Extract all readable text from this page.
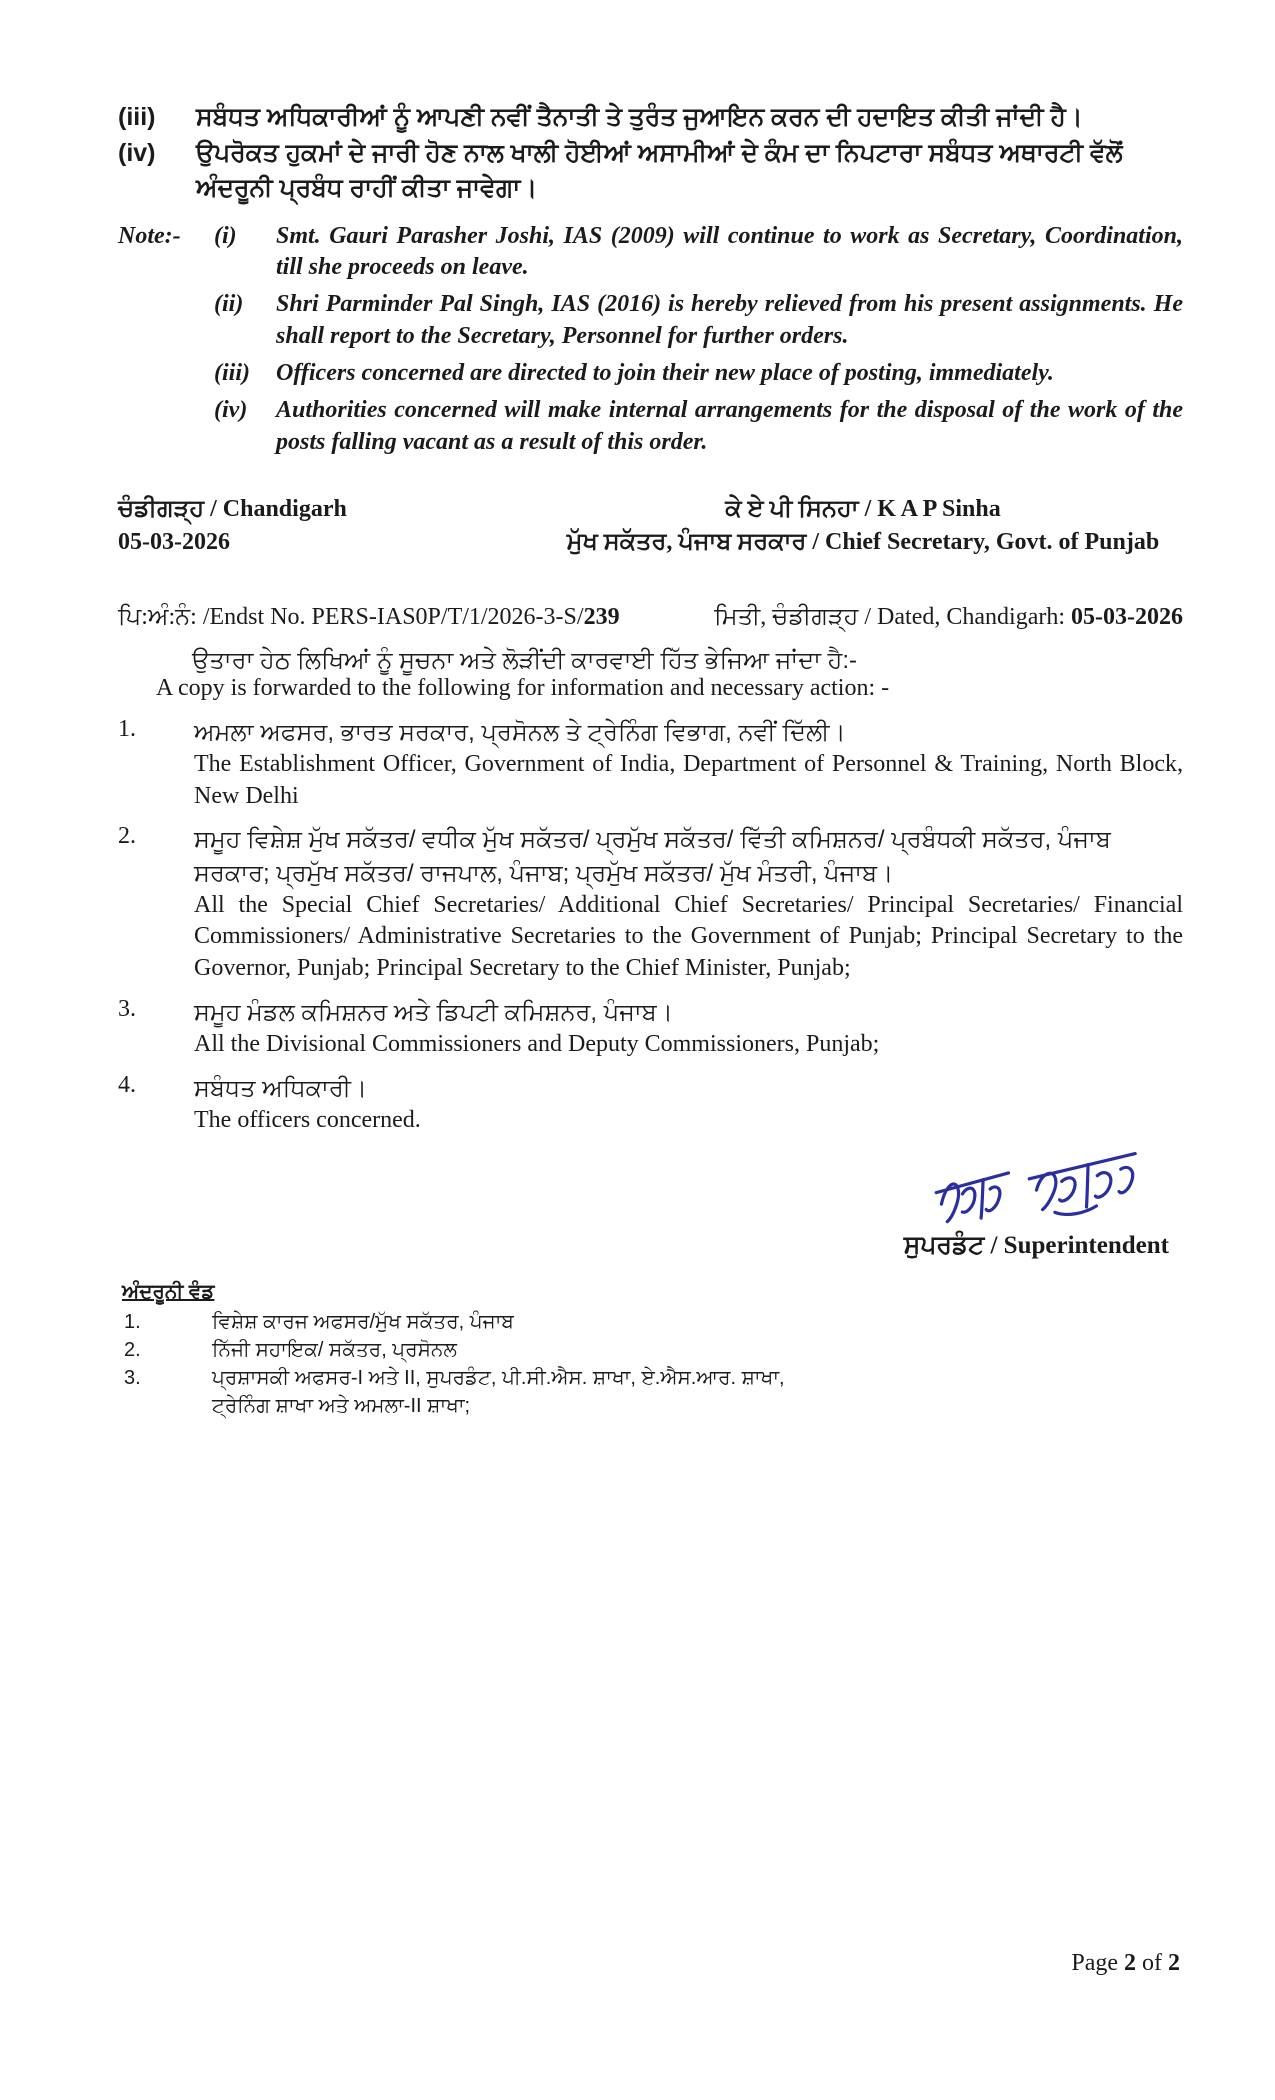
(iii)	ਸਬੰਧਤ ਅਧਿਕਾਰੀਆਂ ਨੂੰ ਆਪਣੀ ਨਵੀਂ ਤੈਨਾਤੀ ਤੇ ਤੁਰੰਤ ਜੁਆਇਨ ਕਰਨ ਦੀ ਹਦਾਇਤ ਕੀਤੀ ਜਾਂਦੀ ਹੈ।
(iv)	ਉਪਰੋਕਤ ਹੁਕਮਾਂ ਦੇ ਜਾਰੀ ਹੋਣ ਨਾਲ ਖਾਲੀ ਹੋਈਆਂ ਅਸਾਮੀਆਂ ਦੇ ਕੰਮ ਦਾ ਨਿਪਟਾਰਾ ਸਬੰਧਤ ਅਥਾਰਟੀ ਵੱਲੋਂ ਅੰਦਰੂਨੀ ਪ੍ਰਬੰਧ ਰਾਹੀਂ ਕੀਤਾ ਜਾਵੇਗਾ।
Note:-	(i)	Smt. Gauri Parasher Joshi, IAS (2009) will continue to work as Secretary, Coordination, till she proceeds on leave.
(ii)	Shri Parminder Pal Singh, IAS (2016) is hereby relieved from his present assignments. He shall report to the Secretary, Personnel for further orders.
(iii)	Officers concerned are directed to join their new place of posting, immediately.
(iv)	Authorities concerned will make internal arrangements for the disposal of the work of the posts falling vacant as a result of this order.
ਚੰਡੀਗੜ੍ਹ / Chandigarh
05-03-2026
ਕੇ ਏ ਪੀ ਸਿਨਹਾ / K A P Sinha
ਮੁੱਖ ਸਕੱਤਰ, ਪੰਜਾਬ ਸਰਕਾਰ / Chief Secretary, Govt. of Punjab
ਪਿ:ਅੰ:ਨੰ: /Endst No. PERS-IAS0P/T/1/2026-3-S/239	ਮਿਤੀ, ਚੰਡੀਗੜ੍ਹ / Dated, Chandigarh: 05-03-2026
ਉਤਾਰਾ ਹੇਠ ਲਿਖਿਆਂ ਨੂੰ ਸੂਚਨਾ ਅਤੇ ਲੋੜੀਂਦੀ ਕਾਰਵਾਈ ਹਿੱਤ ਭੇਜਿਆ ਜਾਂਦਾ ਹੈ:-
A copy is forwarded to the following for information and necessary action: -
1.	ਅਮਲਾ ਅਫਸਰ, ਭਾਰਤ ਸਰਕਾਰ, ਪ੍ਰਸੋਨਲ ਤੇ ਟ੍ਰੇਨਿੰਗ ਵਿਭਾਗ, ਨਵੀਂ ਦਿੱਲੀ।
The Establishment Officer, Government of India, Department of Personnel & Training, North Block, New Delhi
2.	ਸਮੂਹ ਵਿਸ਼ੇਸ਼ ਮੁੱਖ ਸਕੱਤਰ/ ਵਧੀਕ ਮੁੱਖ ਸਕੱਤਰ/ ਪ੍ਰਮੁੱਖ ਸਕੱਤਰ/ ਵਿੱਤੀ ਕਮਿਸ਼ਨਰ/ ਪ੍ਰਬੰਧਕੀ ਸਕੱਤਰ, ਪੰਜਾਬ ਸਰਕਾਰ; ਪ੍ਰਮੁੱਖ ਸਕੱਤਰ/ ਰਾਜਪਾਲ, ਪੰਜਾਬ; ਪ੍ਰਮੁੱਖ ਸਕੱਤਰ/ ਮੁੱਖ ਮੰਤਰੀ, ਪੰਜਾਬ।
All the Special Chief Secretaries/ Additional Chief Secretaries/ Principal Secretaries/ Financial Commissioners/ Administrative Secretaries to the Government of Punjab; Principal Secretary to the Governor, Punjab; Principal Secretary to the Chief Minister, Punjab;
3.	ਸਮੂਹ ਮੰਡਲ ਕਮਿਸ਼ਨਰ ਅਤੇ ਡਿਪਟੀ ਕਮਿਸ਼ਨਰ, ਪੰਜਾਬ।
All the Divisional Commissioners and Deputy Commissioners, Punjab;
4.	ਸਬੰਧਤ ਅਧਿਕਾਰੀ।
The officers concerned.
ਸੁਪਰਡੰਟ / Superintendent
ਅੰਦਰੂਨੀ ਵੰਡ
1.	ਵਿਸ਼ੇਸ਼ ਕਾਰਜ ਅਫਸਰ/ਮੁੱਖ ਸਕੱਤਰ, ਪੰਜਾਬ
2.	ਨਿੱਜੀ ਸਹਾਇਕ/ ਸਕੱਤਰ, ਪ੍ਰਸੋਨਲ
3.	ਪ੍ਰਸ਼ਾਸਕੀ ਅਫਸਰ-I ਅਤੇ II, ਸੁਪਰਡੰਟ, ਪੀ.ਸੀ.ਐਸ. ਸ਼ਾਖਾ, ਏ.ਐਸ.ਆਰ. ਸ਼ਾਖਾ, ਟ੍ਰੇਨਿੰਗ ਸ਼ਾਖਾ ਅਤੇ ਅਮਲਾ-II ਸ਼ਾਖਾ;
Page 2 of 2
